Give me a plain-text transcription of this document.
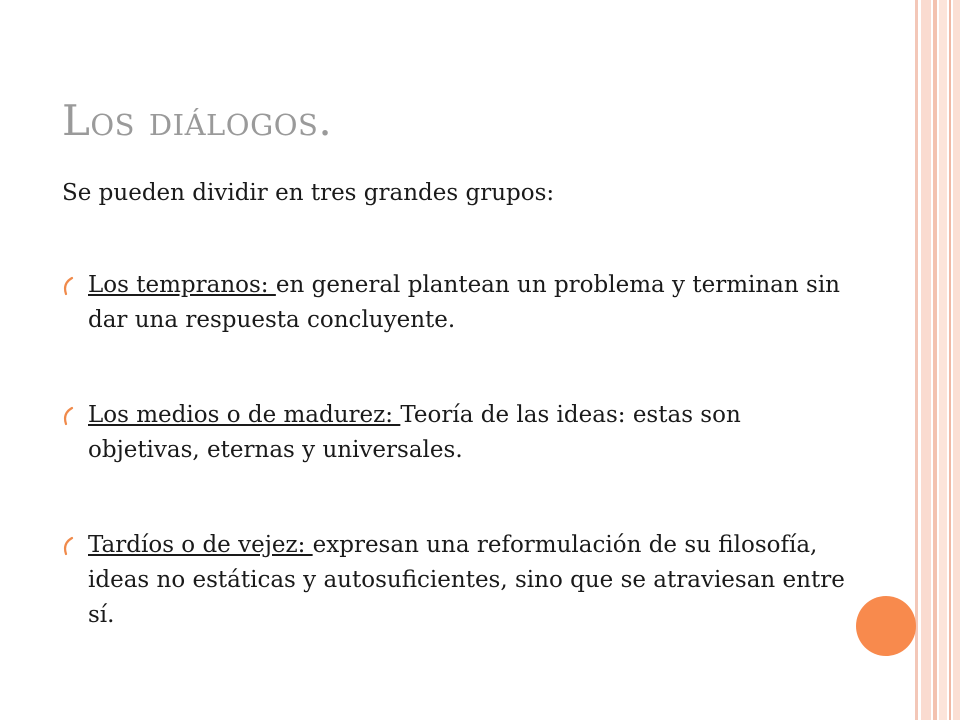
Los diálogos.
Se pueden dividir en tres grandes grupos:
Los tempranos: en general plantean un problema y terminan sin dar una respuesta concluyente.
Los medios o de madurez: Teoría de las ideas: estas son objetivas, eternas y universales.
Tardíos o de vejez: expresan una reformulación de su filosofía, ideas no estáticas y autosuficientes, sino que se atraviesan entre sí.
